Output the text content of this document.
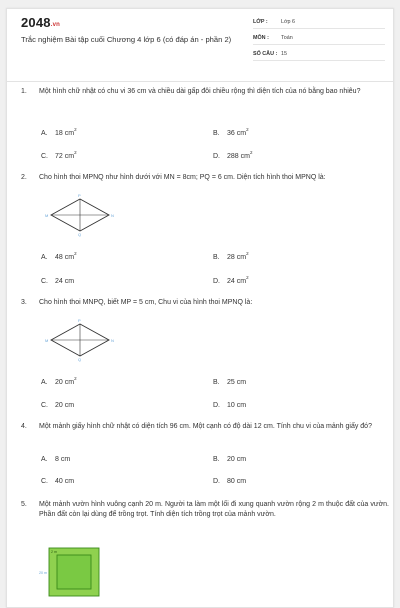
2048.vn
Trắc nghiệm Bài tập cuối Chương 4 lớp 6 (có đáp án - phần 2)
LỚP :	Lớp 6
MÔN :	Toán
SỐ CÂU : 15
1. Một hình chữ nhật có chu vi 36 cm và chiều dài gấp đôi chiều rộng thì diện tích của nó bằng bao nhiêu?
A. 18 $cm^2$
B. 36 $cm^2$
C. 72 $cm^2$
D. 288 $cm^2$
2. Cho hình thoi MPNQ như hình dưới với MN = 8cm; PQ = 6 cm. Diện tích hình thoi MPNQ là:
M	N
P
Q
A. 48 $cm^2$
B. 28 $cm^2$
C. 24 cm	D. 24 $cm^2$
3. Cho hình thoi MNPQ, biết MP = 5 cm, Chu vi của hình thoi MPNQ là:
M	N
P
Q
A. 20 $cm^2$
B. 25 cm
C. 20 cm	D. 10 cm
4. Một mảnh giấy hình chữ nhật có diện tích 96 cm. Một cạnh có độ dài 12 cm. Tính chu vi của mảnh giấy đó?
A. 8 cm	B. 20 cm
C. 40 cm	D. 80 cm
5. Một mảnh vườn hình vuông cạnh 20 m. Người ta làm một lối đi xung quanh vườn rộng 2 m thuộc đất của vườn. Phần đất còn lại dùng để trồng trọt. Tính diện tích trồng trọt của mảnh vườn.
2 m
20 m
